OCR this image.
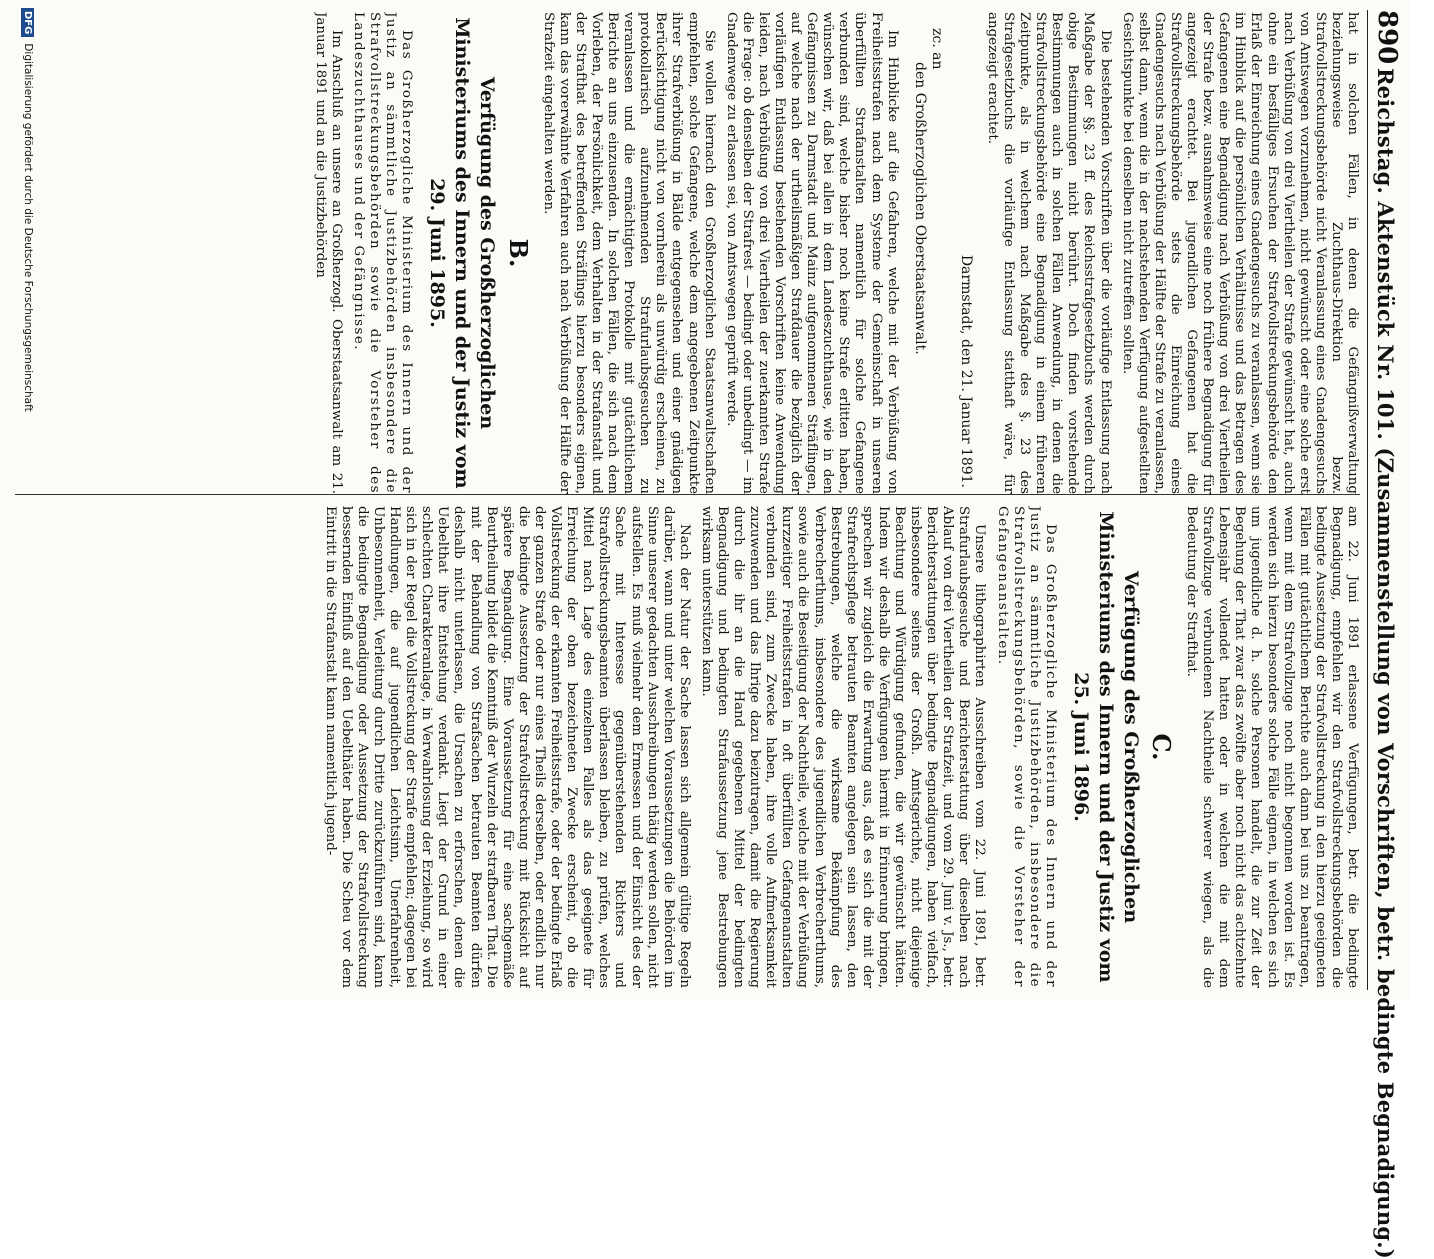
890
Reichstag. Aktenstück Nr. 101. (Zusammenstellung von Vorschriften, betr. bedingte Begnadigung.)

hat in solchen Fällen, in denen die Gefängnißverwaltung beziehungsweise Zuchthaus-Direktion bezw. Strafvollstreckungsbehörde nicht Veranlassung eines Gnadengesuchs von Amtswegen vorzunehmen, nicht gewünscht oder eine solche erst nach Verbüßung von drei Viertheilen der Strafe gewünscht hat, auch ohne ein besfälliges Ersuchen der Strafvollstreckungsbehörde den Erlaß der Einreichung eines Gnadengesuchs zu veranlassen, wenn sie im Hinblick auf die persönlichen Verhältnisse und das Betragen des Gefangenen eine Begnadigung nach Verbüßung von drei Viertheilen der Strafe bezw. ausnahmsweise eine noch frühere Begnadigung für angezeigt erachtet. Bei jugendlichen Gefangenen hat die Strafvollstreckungsbehörde stets die Einreichung eines Gnadengesuchs nach Verbüßung der Hälfte der Strafe zu veranlassen, selbst dann, wenn die in der nachstehenden Verfügung aufgestellten Gesichtspunkte bei denselben nicht zutreffen sollten.

Die bestehenden Vorschriften über die vorläufige Entlassung nach Maßgabe der §§. 23 ff. des Reichsstrafgesetzbuchs werden durch obige Bestimmungen nicht berührt. Doch finden vorstehende Bestimmungen auch in solchen Fällen Anwendung, in denen die Strafvollstreckungsbehörde eine Begnadigung in einem früheren Zeitpunkte, als in welchem nach Maßgabe des §. 23 des Strafgesetzbuchs die vorläufige Entlassung statthaft wäre, für angezeigt erachtet.

Darmstadt, den 21. Januar 1891.

zc. an

den Großherzoglichen Oberstaatsanwalt.

Im Hinblicke auf die Gefahren, welche mit der Verbüßung von Freiheitsstrafen nach dem Systeme der Gemeinschaft in unseren überfüllten Strafanstalten namentlich für solche Gefangene verbunden sind, welche bisher noch keine Strafe erlitten haben, wünschen wir, daß bei allen in dem Landeszuchthause, wie in den Gefängnissen zu Darmstadt und Mainz aufgenommenen Sträflingen, auf welche nach der urtheilsmäßigen Strafdauer die bezüglich der vorläufigen Entlassung bestehenden Vorschriften keine Anwendung leiden, nach Verbüßung von drei Viertheilen der zuerkannten Strafe die Frage: ob denselben der Strafrest — bedingt oder unbedingt — im Gnadenwege zu erlassen sei, von Amtswegen geprüft werde.

Sie wollen hiernach den Großherzoglichen Staatsanwaltschaften empfehlen, solche Gefangene, welche dem angegebenen Zeitpunkte ihrer Strafverbüßung in Bälde entgegensehen und einer gnädigen Berücksichtigung nicht von vornherein als unwürdig erscheinen, zu protokollarisch aufzunehmenden Strafurlaubsgesuchen zu veranlassen und die ermächtigten Protokolle mit gutächtlichem Berichte an uns einzusenden. In solchen Fällen, die sich nach dem Vorleben, der Persönlichkeit, dem Verhalten in der Strafanstalt und der Strafthat des betreffenden Sträflings hierzu besonders eignen, kann das vorerwähnte Verfahren auch nach Verbüßung der Hälfte der Strafzeit eingehalten werden.

B.

Verfügung des Großherzoglichen Ministeriums des Innern und der Justiz vom 29. Juni 1895.

Das Großherzogliche Ministerium des Innern und der Justiz an sämmtliche Justizbehörden insbesondere die Strafvollstreckungsbehörden sowie die Vorsteher des Landeszuchthauses und der Gefängnisse.

Im Anschluß an unsere an Großherzogl. Oberstaatsanwalt am 21. Januar 1891 und an die Justizbehörden

am 22. Juni 1891 erlassene Verfügungen, betr. die bedingte Begnadigung, empfehlen wir den Strafvollstreckungsbehörden die bedingte Aussetzung der Strafvollstreckung in den hierzu geeigneten Fällen mit gutächtlichem Berichte auch dann bei uns zu beantragen, wenn mit dem Strafvollzuge noch nicht begonnen worden ist. Es werden sich hierzu besonders solche Fälle eignen, in welchen es sich um jugendliche d. h. solche Personen handelt, die zur Zeit der Begehung der That zwar das zwölfte aber noch nicht das achtzehnte Lebensjahr vollendet hatten oder in welchen die mit dem Strafvollzuge verbundenen Nachtheile schwerer wiegen, als die Bedeutung der Strafthat.

C.

Verfügung des Großherzoglichen Ministeriums des Innern und der Justiz vom 25. Juni 1896.

Das Großherzogliche Ministerium des Innern und der Justiz an sämmtliche Justizbehörden, insbesondere die Strafvollstreckungsbehörden, sowie die Vorsteher der Gefangenanstalten.

Unsere lithographirten Ausschreiben vom 22. Juni 1891, betr. Strafurlaubsgesuche und Berichterstattung über dieselben nach Ablauf von drei Viertheilen der Strafzeit, und vom 29. Juni v. Js., betr. Berichterstattungen über bedingte Begnadigungen, haben vielfach, insbesondere seitens der Großh. Amtsgerichte, nicht diejenige Beachtung und Würdigung gefunden, die wir gewünscht hätten. Indem wir deshalb die Verfügungen hiermit in Erinnerung bringen, sprechen wir zugleich die Erwartung aus, daß es sich die mit der Strafrechtspflege betrauten Beamten angelegen sein lassen, den Bestrebungen, welche die wirksame Bekämpfung des Verbrecherthums, insbesondere des jugendlichen Verbrecherthums, sowie auch die Beseitigung der Nachtheile, welche mit der Verbüßung kurzzeitiger Freiheitsstrafen in oft überfüllten Gefangenanstalten verbunden sind, zum Zwecke haben, ihre volle Aufmerksamkeit zuzuwenden und das Ihrige dazu beizutragen, damit die Regierung durch die ihr an die Hand gegebenen Mittel der bedingten Begnadigung und bedingten Strafaussetzung jene Bestrebungen wirksam unterstützen kann.

Nach der Natur der Sache lassen sich allgemein gültige Regeln darüber, wann und unter welchen Voraussetzungen die Behörden im Sinne unserer gedachten Ausschreibungen thätig werden sollen, nicht aufstellen. Es muß vielmehr dem Ermessen und der Einsicht des der Sache mit Interesse gegenüberstehenden Richters und Strafvollstreckungsbeamten überlassen bleiben, zu prüfen, welches Mittel nach Lage des einzelnen Falles als das geeignete für Erreichung der oben bezeichneten Zwecke erscheint, ob die Vollstreckung der erkannten Freiheitsstrafe, oder der bedingte Erlaß der ganzen Strafe oder nur eines Theils derselben, oder endlich nur die bedingte Aussetzung der Strafvollstreckung mit Rücksicht auf spätere Begnadigung. Eine Voraussetzung für eine sachgemäße Beurtheilung bildet die Kenntniß der Wurzeln der strafbaren That. Die mit der Behandlung von Strafsachen betrauten Beamten dürfen deshalb nicht unterlassen, die Ursachen zu erforschen, denen die Uebelthat ihre Entstehung verdankt. Liegt der Grund in einer schlechten Charakteranlage, in Verwahrlosung der Erziehung, so wird sich in der Regel die Vollstreckung der Strafe empfehlen; dagegen bei Handlungen, die auf jugendlichen Leichtsinn, Unerfahrenheit, Unbesonnenheit, Verleitung durch Dritte zurückzuführen sind, kann die bedingte Begnadigung oder Aussetzung der Strafvollstreckung bessernden Einfluß auf den Uebelthäter haben. Die Scheu vor dem Eintritt in die Strafanstalt kann namentlich jugend-

DFGDigitalisierung gefördert durch die Deutsche Forschungsgemeinschaft
